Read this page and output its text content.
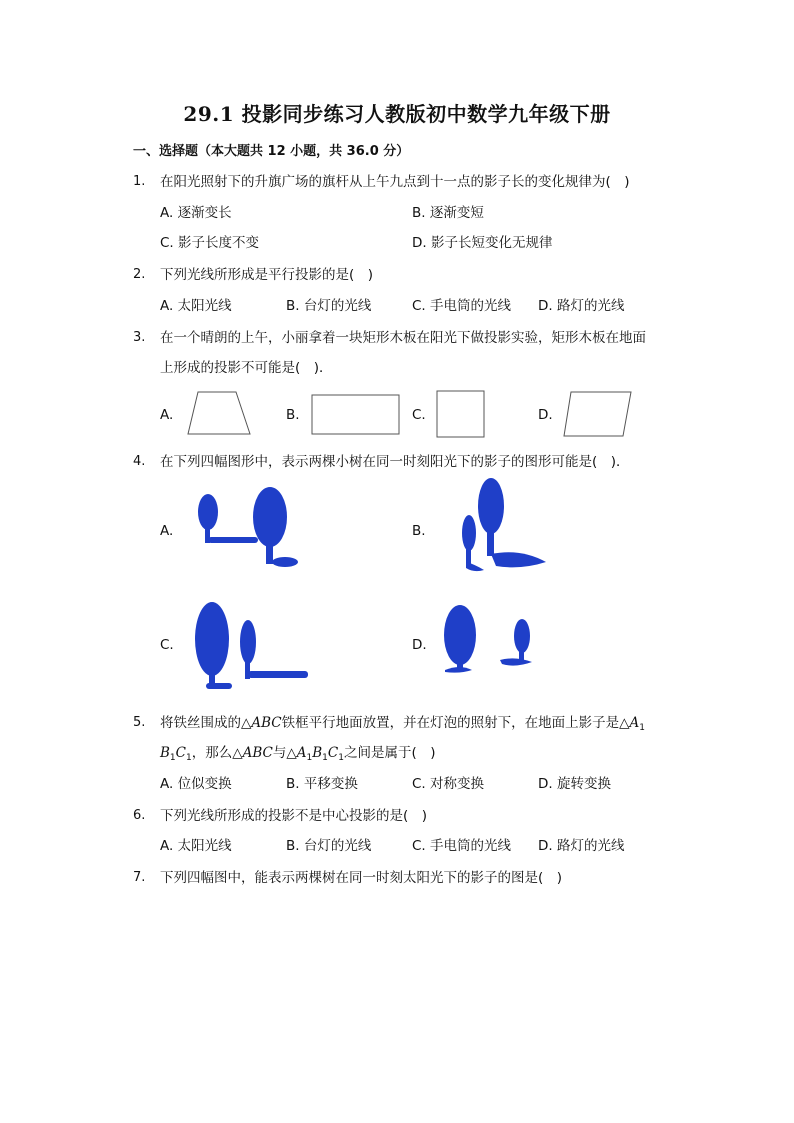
29.1 投影同步练习人教版初中数学九年级下册
一、选择题（本大题共 12 小题，共 36.0 分）
1. 在阳光照射下的升旗广场的旗杆从上午九点到十一点的影子长的变化规律为(　)
A. 逐渐变长	B. 逐渐变短
C. 影子长度不变	D. 影子长短变化无规律
2. 下列光线所形成是平行投影的是(　)
A. 太阳光线	B. 台灯的光线	C. 手电筒的光线 D. 路灯的光线
3. 在一个晴朗的上午，小丽拿着一块矩形木板在阳光下做投影实验，矩形木板在地面
上形成的投影不可能是(　)．
A.	B.	C.	D.
4. 在下列四幅图形中，表示两棵小树在同一时刻阳光下的影子的图形可能是(　)．
A.	B.
C.	D.
5. 将铁丝围成的△ABC铁框平行地面放置，并在灯泡的照射下，在地面上影子是$\triangle A_1$
$B_1C_1$，那么△ABC与$\triangle A_1B_1C_1$之间是属于(　)
A. 位似变换	B. 平移变换	C. 对称变换	D. 旋转变换
6. 下列光线所形成的投影不是中心投影的是(　)
A. 太阳光线	B. 台灯的光线	C. 手电筒的光线 D. 路灯的光线
7. 下列四幅图中，能表示两棵树在同一时刻太阳光下的影子的图是(　)
